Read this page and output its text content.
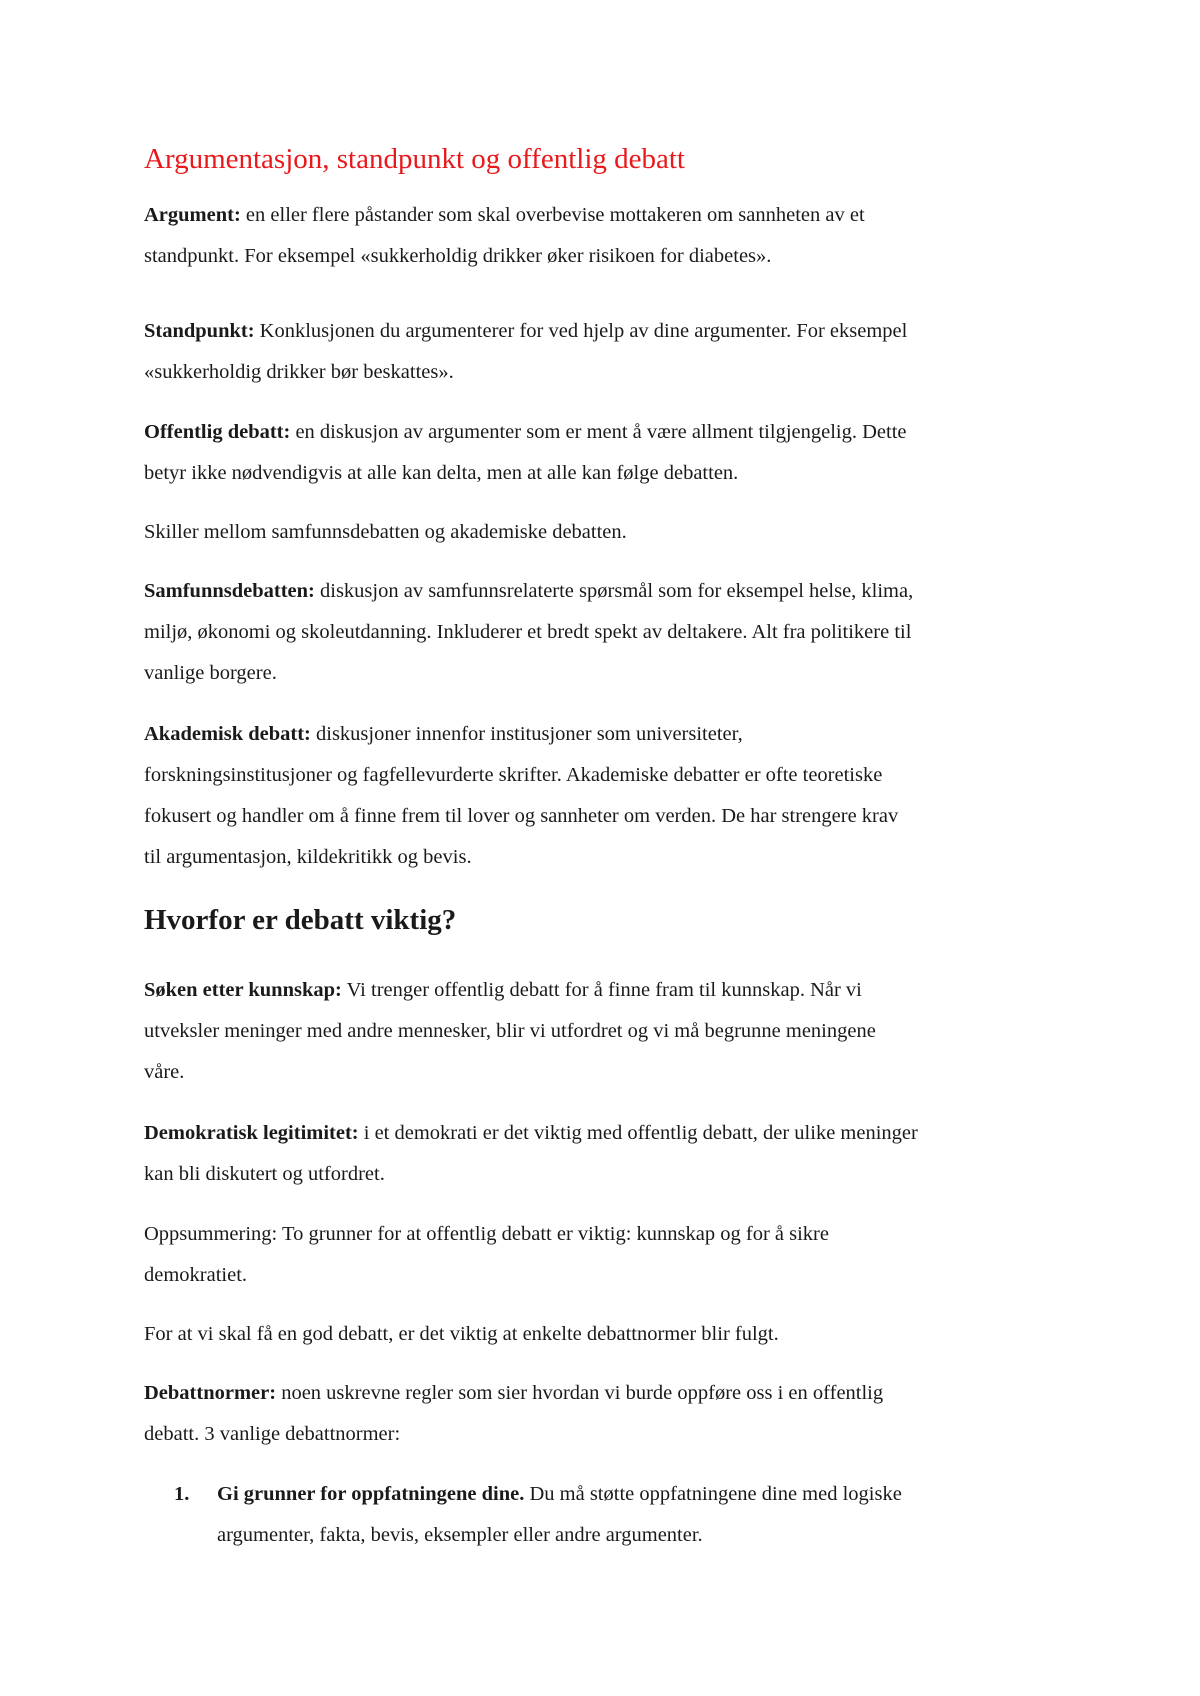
Argumentasjon, standpunkt og offentlig debatt

Argument: en eller flere påstander som skal overbevise mottakeren om sannheten av et
standpunkt. For eksempel «sukkerholdig drikker øker risikoen for diabetes».

Standpunkt: Konklusjonen du argumenterer for ved hjelp av dine argumenter. For eksempel
«sukkerholdig drikker bør beskattes».

Offentlig debatt: en diskusjon av argumenter som er ment å være allment tilgjengelig. Dette
betyr ikke nødvendigvis at alle kan delta, men at alle kan følge debatten.

Skiller mellom samfunnsdebatten og akademiske debatten.

Samfunnsdebatten: diskusjon av samfunnsrelaterte spørsmål som for eksempel helse, klima,
miljø, økonomi og skoleutdanning. Inkluderer et bredt spekt av deltakere. Alt fra politikere til
vanlige borgere.

Akademisk debatt: diskusjoner innenfor institusjoner som universiteter,
forskningsinstitusjoner og fagfellevurderte skrifter. Akademiske debatter er ofte teoretiske
fokusert og handler om å finne frem til lover og sannheter om verden. De har strengere krav
til argumentasjon, kildekritikk og bevis.

Hvorfor er debatt viktig?

Søken etter kunnskap: Vi trenger offentlig debatt for å finne fram til kunnskap. Når vi
utveksler meninger med andre mennesker, blir vi utfordret og vi må begrunne meningene
våre.

Demokratisk legitimitet: i et demokrati er det viktig med offentlig debatt, der ulike meninger
kan bli diskutert og utfordret.

Oppsummering: To grunner for at offentlig debatt er viktig: kunnskap og for å sikre
demokratiet.

For at vi skal få en god debatt, er det viktig at enkelte debattnormer blir fulgt.

Debattnormer: noen uskrevne regler som sier hvordan vi burde oppføre oss i en offentlig
debatt. 3 vanlige debattnormer:

1. Gi grunner for oppfatningene dine. Du må støtte oppfatningene dine med logiske
argumenter, fakta, bevis, eksempler eller andre argumenter.
